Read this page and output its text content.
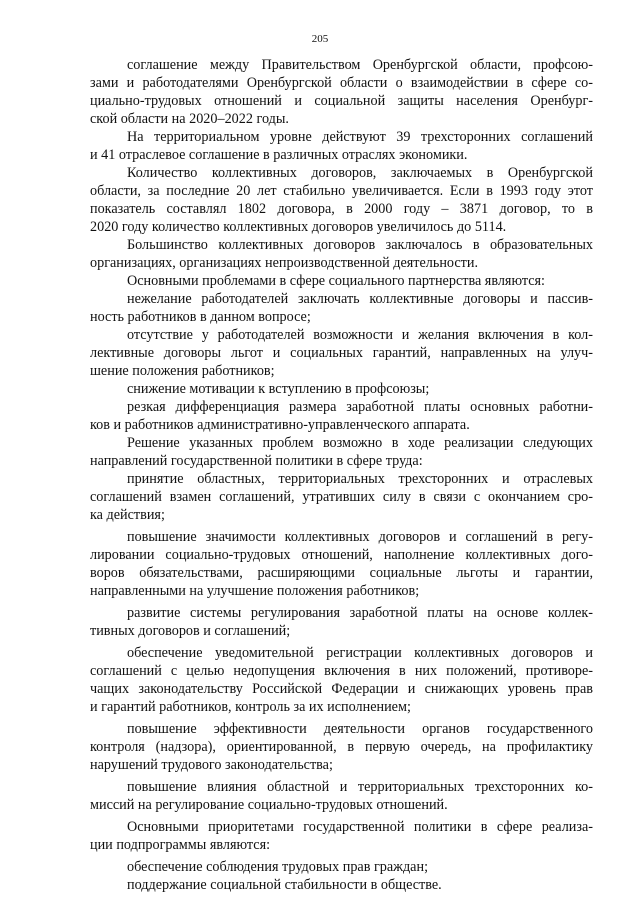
205
соглашение между Правительством Оренбургской области, профсою-
зами и работодателями Оренбургской области о взаимодействии в сфере со-
циально-трудовых отношений и социальной защиты населения Оренбург-
ской области на 2020–2022 годы.
На территориальном уровне действуют 39 трехсторонних соглашений
и 41 отраслевое соглашение в различных отраслях экономики.
Количество коллективных договоров, заключаемых в Оренбургской
области, за последние 20 лет стабильно увеличивается. Если в 1993 году этот
показатель составлял 1802 договора, в 2000 году – 3871 договор, то в
2020 году количество коллективных договоров увеличилось до 5114.
Большинство коллективных договоров заключалось в образовательных
организациях, организациях непроизводственной деятельности.
Основными проблемами в сфере социального партнерства являются:
нежелание работодателей заключать коллективные договоры и пассив-
ность работников в данном вопросе;
отсутствие у работодателей возможности и желания включения в кол-
лективные договоры льгот и социальных гарантий, направленных на улуч-
шение положения работников;
снижение мотивации к вступлению в профсоюзы;
резкая дифференциация размера заработной платы основных работни-
ков и работников административно-управленческого аппарата.
Решение указанных проблем возможно в ходе реализации следующих
направлений государственной политики в сфере труда:
принятие областных, территориальных трехсторонних и отраслевых
соглашений взамен соглашений, утративших силу в связи с окончанием сро-
ка действия;
повышение значимости коллективных договоров и соглашений в регу-
лировании социально-трудовых отношений, наполнение коллективных дого-
воров обязательствами, расширяющими социальные льготы и гарантии,
направленными на улучшение положения работников;
развитие системы регулирования заработной платы на основе коллек-
тивных договоров и соглашений;
обеспечение уведомительной регистрации коллективных договоров и
соглашений с целью недопущения включения в них положений, противоре-
чащих законодательству Российской Федерации и снижающих уровень прав
и гарантий работников, контроль за их исполнением;
повышение эффективности деятельности органов государственного
контроля (надзора), ориентированной, в первую очередь, на профилактику
нарушений трудового законодательства;
повышение влияния областной и территориальных трехсторонних ко-
миссий на регулирование социально-трудовых отношений.
Основными приоритетами государственной политики в сфере реализа-
ции подпрограммы являются:
обеспечение соблюдения трудовых прав граждан;
поддержание социальной стабильности в обществе.
